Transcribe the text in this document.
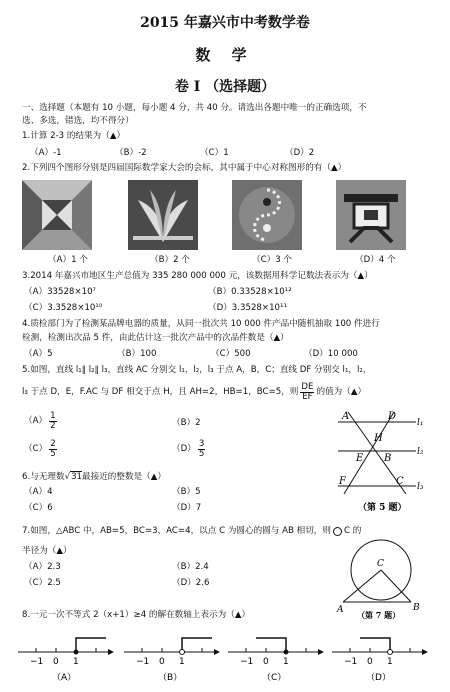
2015 年嘉兴市中考数学卷
数 学
卷 I （选择题）
一、选择题（本题有 10 小题，每小题 4 分，共 40 分。请选出各题中唯一的正确选项，不
选、多选，错选，均不得分）
1.计算 2-3 的结果为（▲）
（A）-1	（B）-2	（C）1	（D）2
2.下列四个图形分别是四届国际数学家大会的会标，其中属于中心对称图形的有（▲）
（A）1 个	（B）2 个	（C）3 个	（D）4 个
3.2014 年嘉兴市地区生产总值为 335 280 000 000 元，该数据用科学记数法表示为（▲）
（A）33528×10⁷	（B）0.33528×10¹²
（C）3.3528×10¹⁰	（D）3.3528×10¹¹
4.质检部门为了检测某品牌电器的质量，从同一批次共 10 000 件产品中随机抽取 100 件进行
检测，检测出次品 5 件，由此估计这一批次产品中的次品件数是（▲）
（A）5	（B）100	（C）500	（D）10 000
5.如图，直线 l₁∥ l₂∥ l₃，直线 AC 分别交 l₁，l₂，l₃ 于点 A，B，C；直线 DF 分别交 l₁，l₂，
l₃ 于点 D，E，F.AC 与 DF 相交于点 H，且 AH=2，HB=1，BC=5，则 $\frac{DE}{EF}$ 的值为（▲）
$(A) \frac{1}{2}$	（B）2
$(C) \frac{2}{5}$	$(D) \frac{3}{5}$
A	D
H
l₁
E B
l₂
F	C l₃
（第 5 题）
6.与无理数√31最接近的整数是（▲）
（A）4	（B）5
（C）6	（D）7
7.如图，△ABC 中，AB=5，BC=3，AC=4，以点 C 为圆心的圆与 AB 相切，则 C 的
半径为（▲）
（A）2.3	（B）2.4
（C）2.5	（D）2.6
C
A	B
（第 7 题）
8.一元一次不等式 2（x+1）≥4 的解在数轴上表示为（▲）
−1 0 1
（A）
−1 0 1
（B）
−1 0 1
（C）
−1 0 1
（D）
